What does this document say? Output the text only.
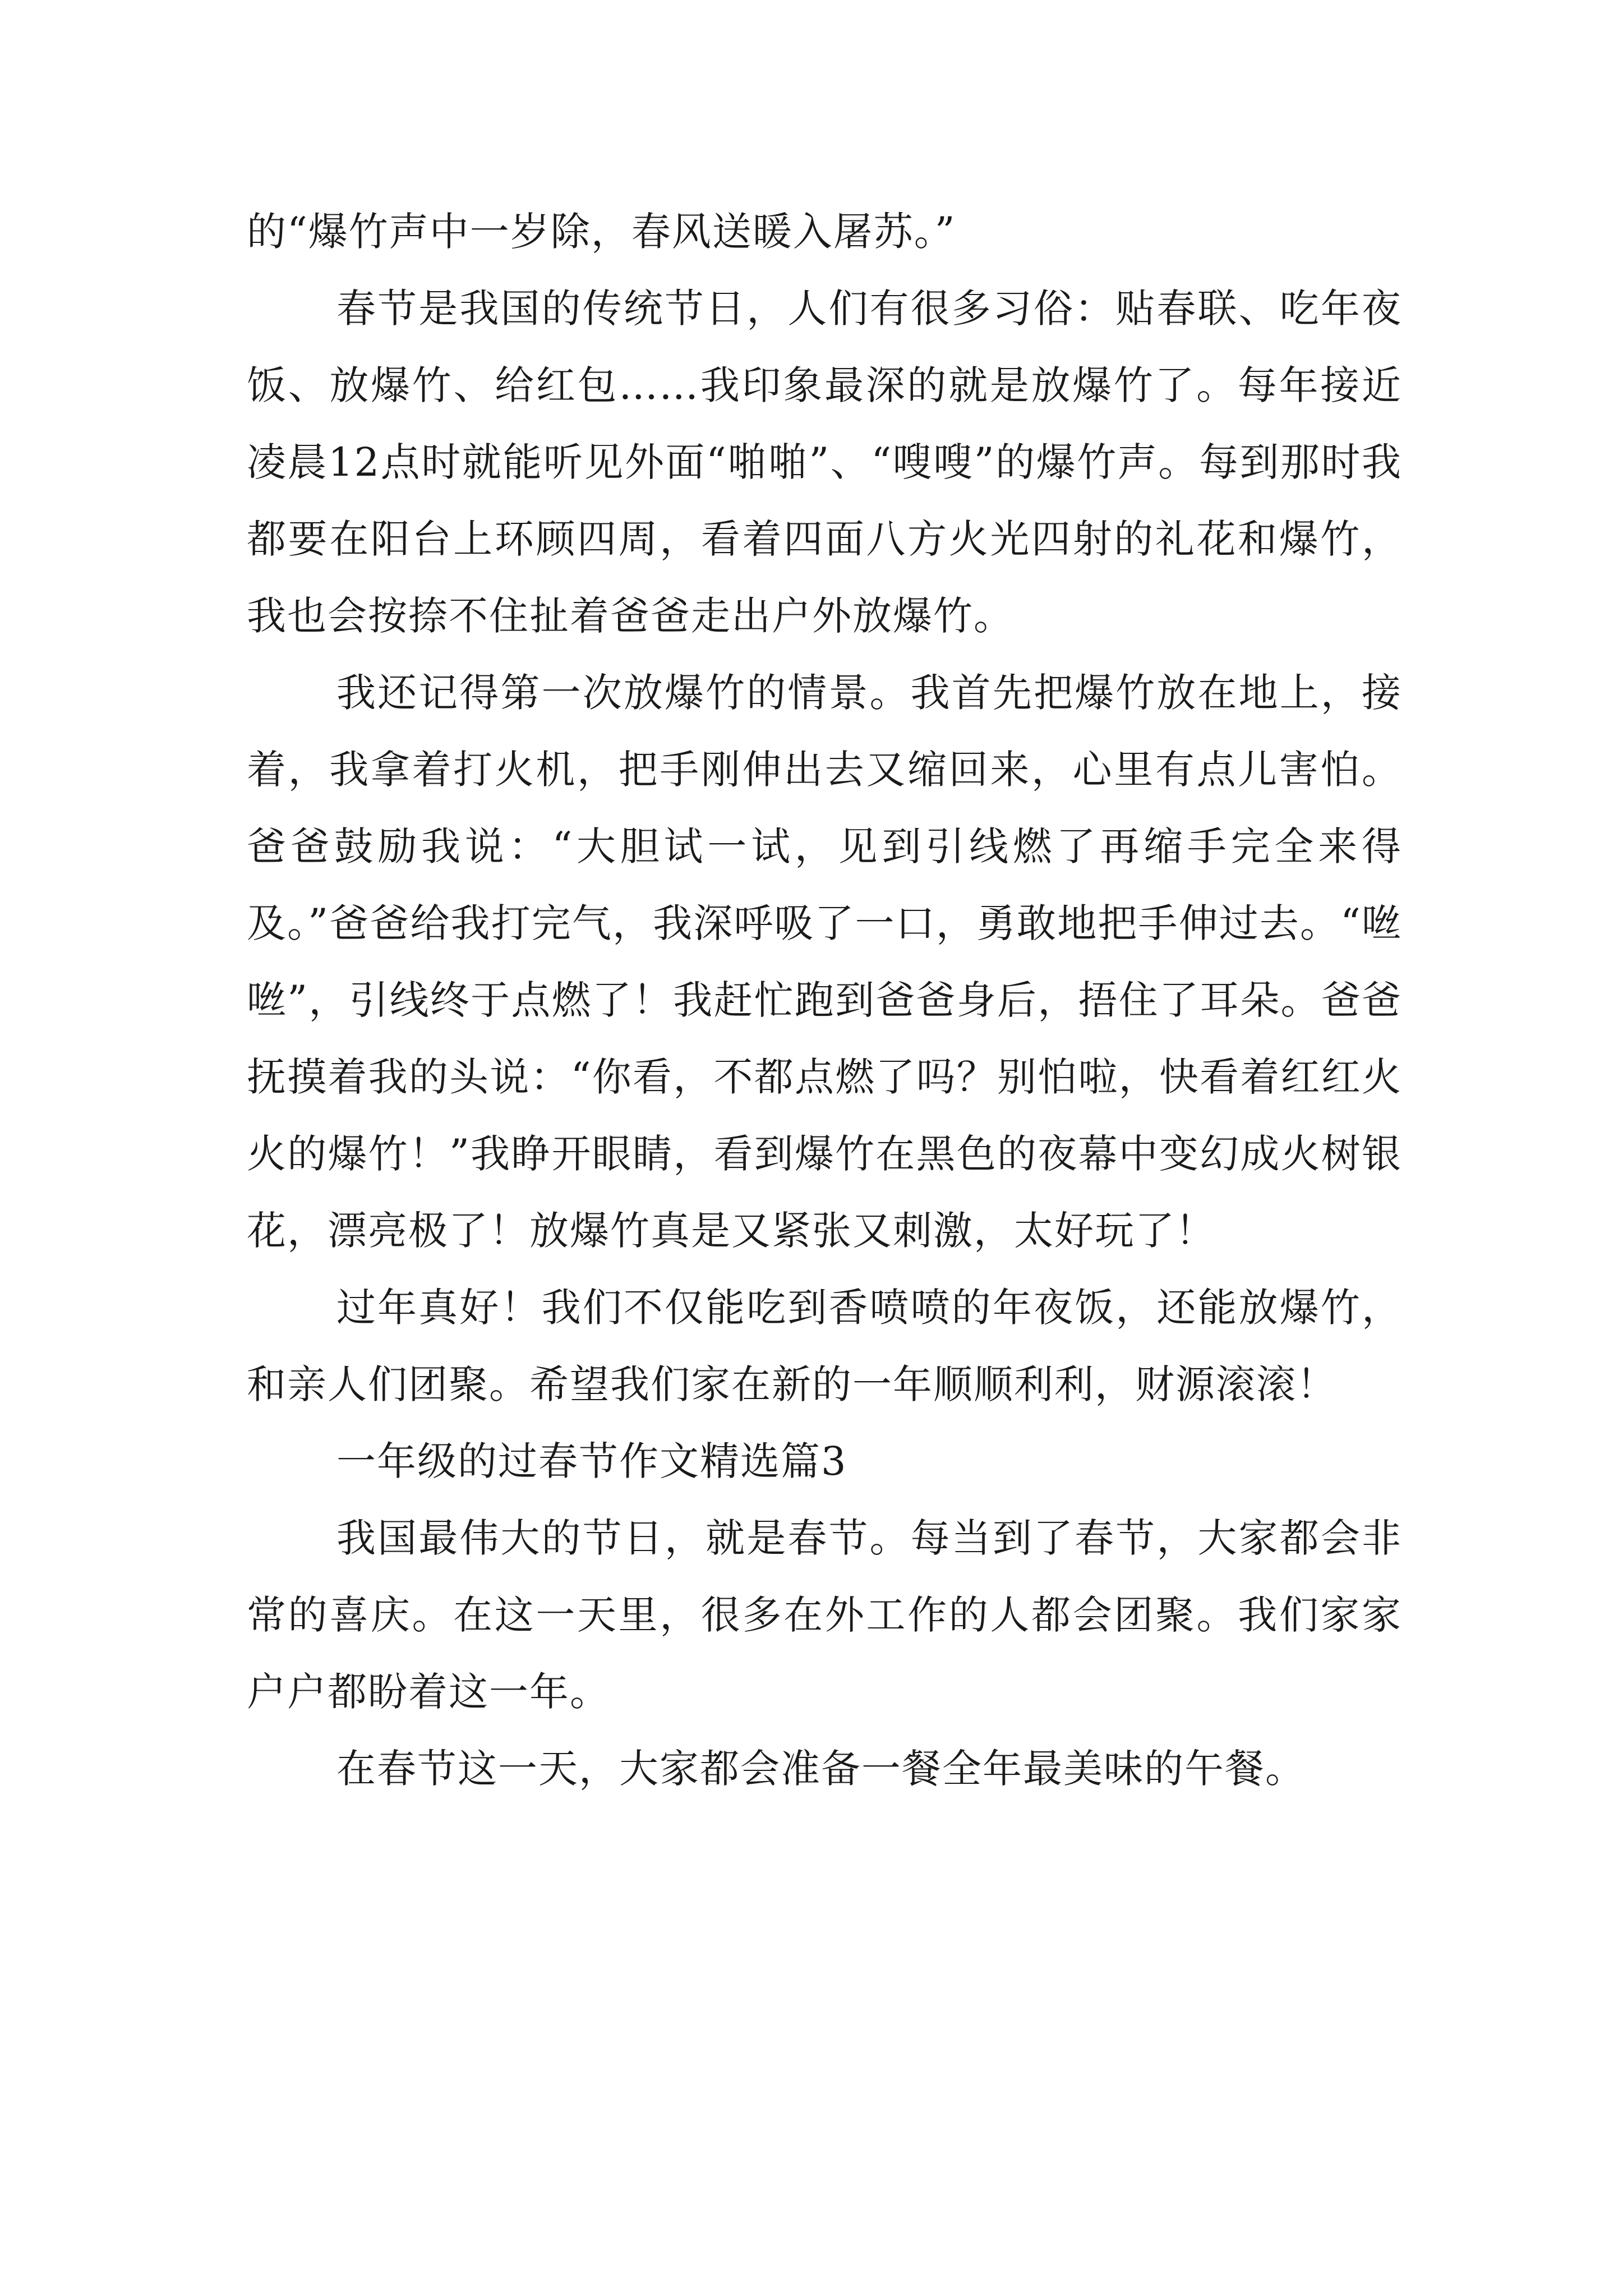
的“爆竹声中一岁除，春风送暖入屠苏。”

春节是我国的传统节日，人们有很多习俗：贴春联、吃年夜饭、放爆竹、给红包……我印象最深的就是放爆竹了。每年接近凌晨12点时就能听见外面“啪啪”、“嗖嗖”的爆竹声。每到那时我都要在阳台上环顾四周，看着四面八方火光四射的礼花和爆竹，我也会按捺不住扯着爸爸走出户外放爆竹。

我还记得第一次放爆竹的情景。我首先把爆竹放在地上，接着，我拿着打火机，把手刚伸出去又缩回来，心里有点儿害怕。爸爸鼓励我说：“大胆试一试，见到引线燃了再缩手完全来得及。”爸爸给我打完气，我深呼吸了一口，勇敢地把手伸过去。“咝咝”，引线终于点燃了！我赶忙跑到爸爸身后，捂住了耳朵。爸爸抚摸着我的头说：“你看，不都点燃了吗？别怕啦，快看着红红火火的爆竹！”我睁开眼睛，看到爆竹在黑色的夜幕中变幻成火树银花，漂亮极了！放爆竹真是又紧张又刺激，太好玩了！

过年真好！我们不仅能吃到香喷喷的年夜饭，还能放爆竹，和亲人们团聚。希望我们家在新的一年顺顺利利，财源滚滚！

一年级的过春节作文精选篇3

我国最伟大的节日，就是春节。每当到了春节，大家都会非常的喜庆。在这一天里，很多在外工作的人都会团聚。我们家家户户都盼着这一年。

在春节这一天，大家都会准备一餐全年最美味的午餐。
